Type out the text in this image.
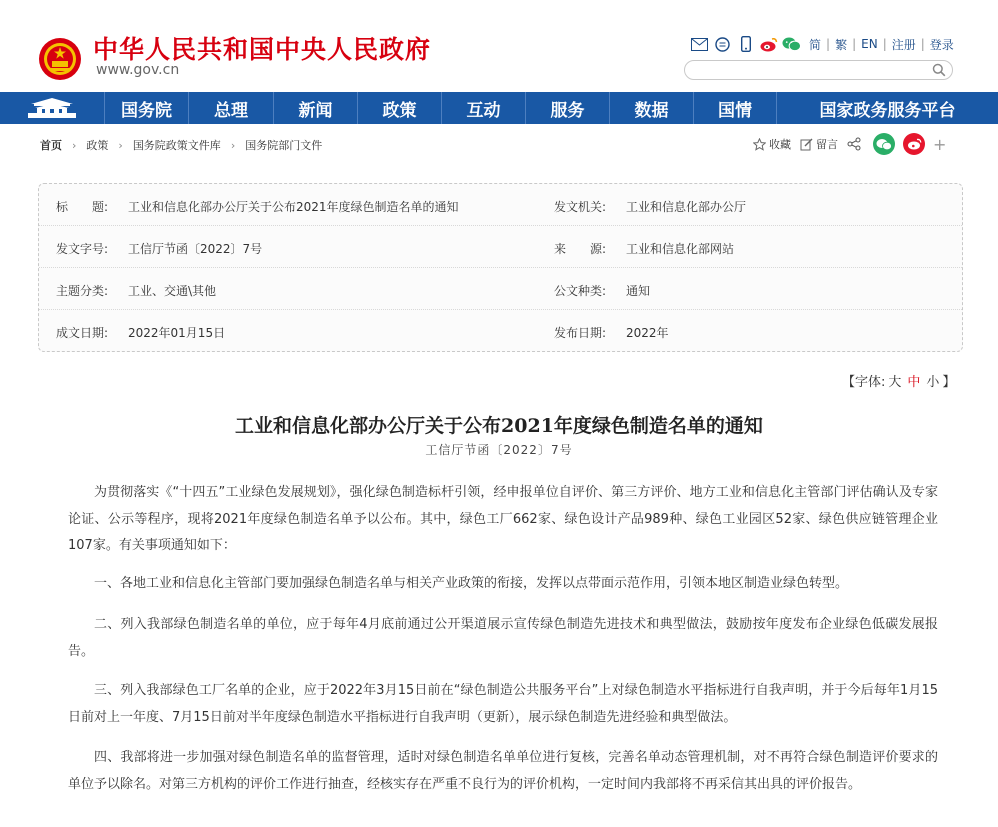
中华人民共和国中央人民政府
www.gov.cn
简 | 繁 | EN | 注册 | 登录
国务院	总理	新闻	政策	互动	服务	数据	国情	国家政务服务平台
首页 › 政策 › 国务院政策文件库 › 国务院部门文件	收藏 留言	+
标　　题: 工业和信息化部办公厅关于公布2021年度绿色制造名单的通知	发文机关: 工业和信息化部办公厅
发文字号: 工信厅节函〔2022〕7号	来　　源: 工业和信息化部网站
主题分类: 工业、交通\其他	公文种类: 通知
成文日期: 2022年01月15日	发布日期: 2022年
【字体: 大 中 小 】
工业和信息化部办公厅关于公布2021年度绿色制造名单的通知
工信厅节函〔2022〕7号

为贯彻落实《“十四五”工业绿色发展规划》，强化绿色制造标杆引领，经申报单位自评价、第三方评价、地方工业和信息化主管部门评估确认及专家论证、公示等程序，现将2021年度绿色制造名单予以公布。其中，绿色工厂662家、绿色设计产品989种、绿色工业园区52家、绿色供应链管理企业107家。有关事项通知如下：

一、各地工业和信息化主管部门要加强绿色制造名单与相关产业政策的衔接，发挥以点带面示范作用，引领本地区制造业绿色转型。

二、列入我部绿色制造名单的单位，应于每年4月底前通过公开渠道展示宣传绿色制造先进技术和典型做法，鼓励按年度发布企业绿色低碳发展报告。

三、列入我部绿色工厂名单的企业，应于2022年3月15日前在“绿色制造公共服务平台”上对绿色制造水平指标进行自我声明，并于今后每年1月15日前对上一年度、7月15日前对半年度绿色制造水平指标进行自我声明（更新），展示绿色制造先进经验和典型做法。

四、我部将进一步加强对绿色制造名单的监督管理，适时对绿色制造名单单位进行复核，完善名单动态管理机制，对不再符合绿色制造评价要求的单位予以除名。对第三方机构的评价工作进行抽查，经核实存在严重不良行为的评价机构，一定时间内我部将不再采信其出具的评价报告。
